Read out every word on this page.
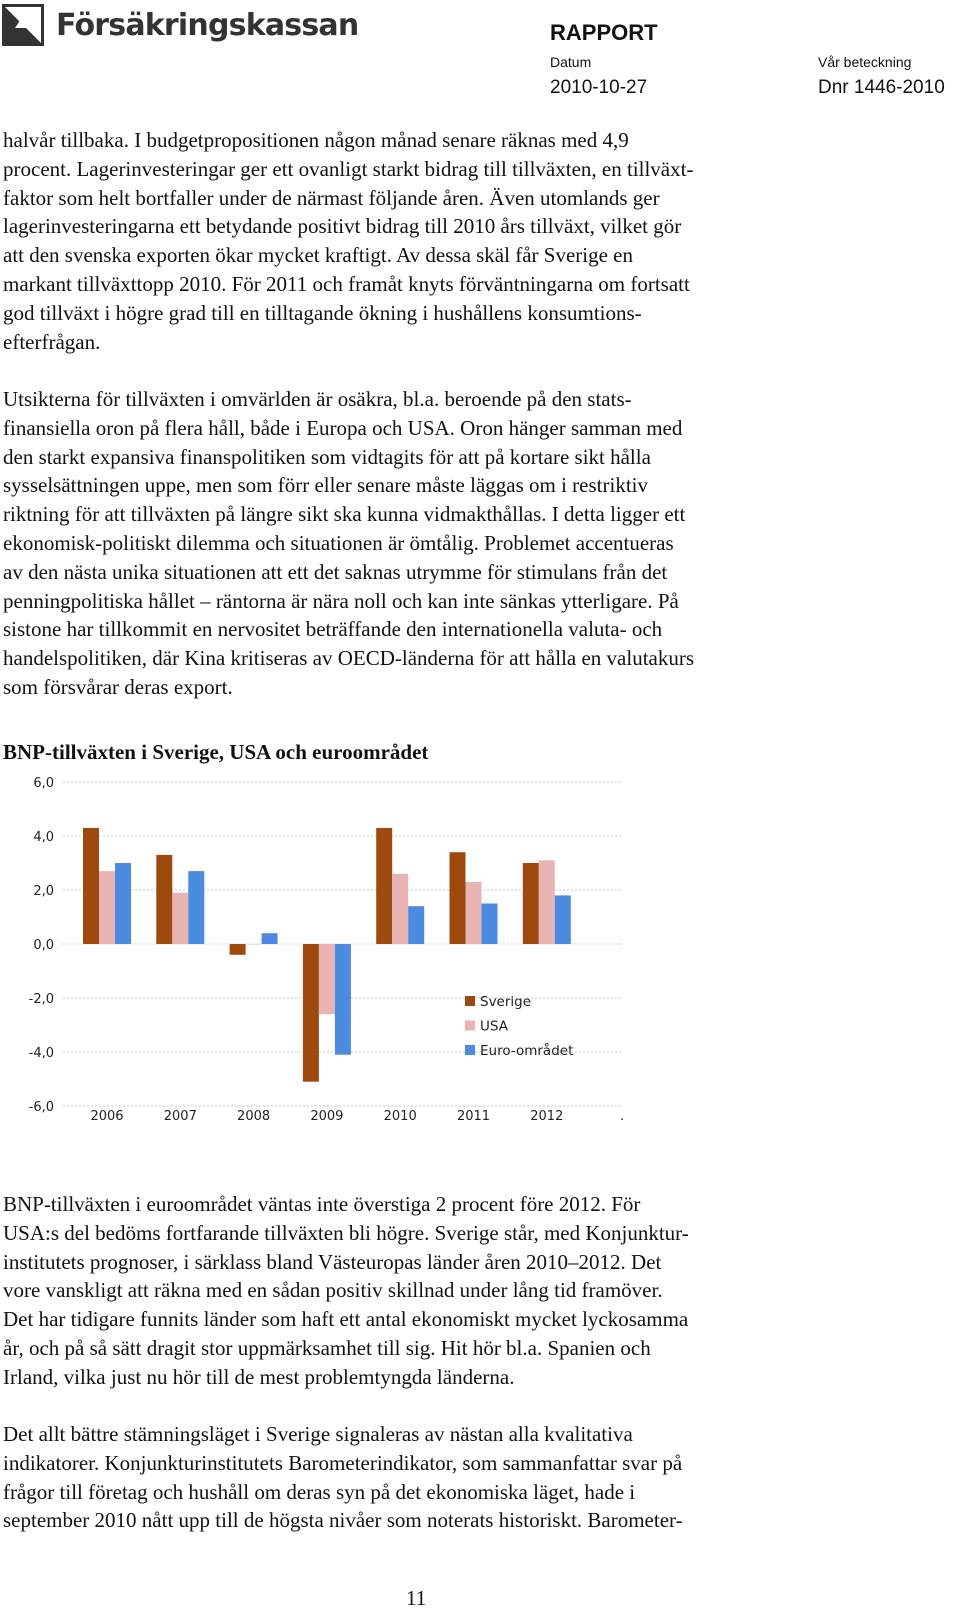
Försäkringskassan	RAPPORT
Datum
2010-10-27
Vår beteckning
Dnr 1446-2010

halvår tillbaka. I budgetpropositionen någon månad senare räknas med 4,9
procent. Lagerinvesteringar ger ett ovanligt starkt bidrag till tillväxten, en tillväxt-
faktor som helt bortfaller under de närmast följande åren. Även utomlands ger
lagerinvesteringarna ett betydande positivt bidrag till 2010 års tillväxt, vilket gör
att den svenska exporten ökar mycket kraftigt. Av dessa skäl får Sverige en
markant tillväxttopp 2010. För 2011 och framåt knyts förväntningarna om fortsatt
god tillväxt i högre grad till en tilltagande ökning i hushållens konsumtions-
efterfrågan.

Utsikterna för tillväxten i omvärlden är osäkra, bl.a. beroende på den stats-
finansiella oron på flera håll, både i Europa och USA. Oron hänger samman med
den starkt expansiva finanspolitiken som vidtagits för att på kortare sikt hålla
sysselsättningen uppe, men som förr eller senare måste läggas om i restriktiv
riktning för att tillväxten på längre sikt ska kunna vidmakthållas. I detta ligger ett
ekonomisk-politiskt dilemma och situationen är ömtålig. Problemet accentueras
av den nästa unika situationen att ett det saknas utrymme för stimulans från det
penningpolitiska hållet – räntorna är nära noll och kan inte sänkas ytterligare. På
sistone har tillkommit en nervositet beträffande den internationella valuta- och
handelspolitiken, där Kina kritiseras av OECD-länderna för att hålla en valutakurs
som försvårar deras export.

BNP-tillväxten i Sverige, USA och euroområdet
6,0
4,0
2,0
0,0
-2,0
-4,0
-6,0
2006	2007	2008	2009	2010	2011	2012	.
Sverige
USA
Euro-området

BNP-tillväxten i euroområdet väntas inte överstiga 2 procent före 2012. För
USA:s del bedöms fortfarande tillväxten bli högre. Sverige står, med Konjunktur-
institutets prognoser, i särklass bland Västeuropas länder åren 2010–2012. Det
vore vanskligt att räkna med en sådan positiv skillnad under lång tid framöver.
Det har tidigare funnits länder som haft ett antal ekonomiskt mycket lyckosamma
år, och på så sätt dragit stor uppmärksamhet till sig. Hit hör bl.a. Spanien och
Irland, vilka just nu hör till de mest problemtyngda länderna.

Det allt bättre stämningsläget i Sverige signaleras av nästan alla kvalitativa
indikatorer. Konjunkturinstitutets Barometerindikator, som sammanfattar svar på
frågor till företag och hushåll om deras syn på det ekonomiska läget, hade i
september 2010 nått upp till de högsta nivåer som noterats historiskt. Barometer-

11
